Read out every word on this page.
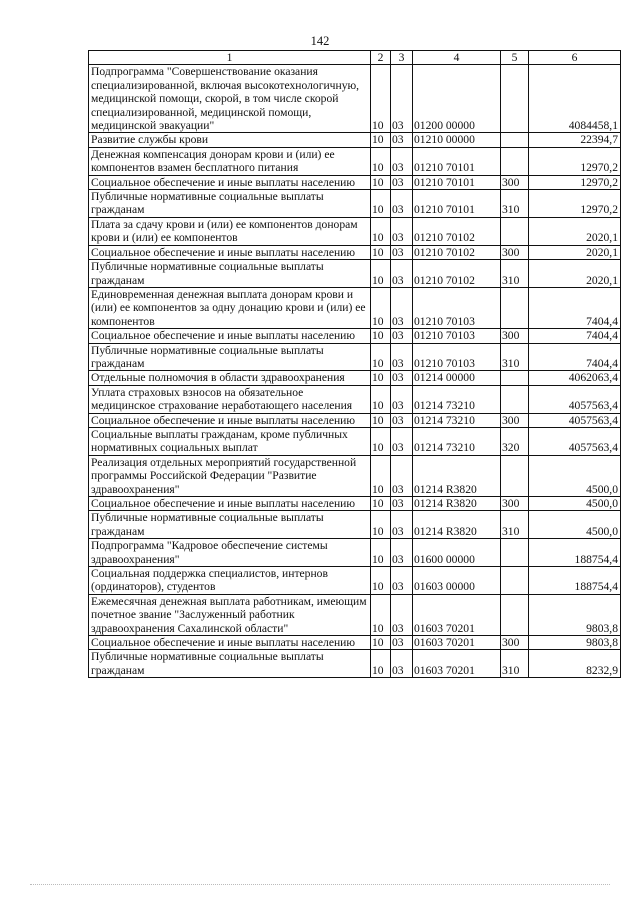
142
1	2	3	4	5	6
Подпрограмма "Совершенствование оказания специализированной, включая высокотехнологичную, медицинской помощи, скорой, в том числе скорой специализированной, медицинской помощи, медицинской эвакуации"	10	03	01200 00000		4084458,1
Развитие службы крови	10	03	01210 00000		22394,7
Денежная компенсация донорам крови и (или) ее компонентов взамен бесплатного питания	10	03	01210 70101		12970,2
Социальное обеспечение и иные выплаты населению	10	03	01210 70101	300	12970,2
Публичные нормативные социальные выплаты гражданам	10	03	01210 70101	310	12970,2
Плата за сдачу крови и (или) ее компонентов донорам крови и (или) ее компонентов	10	03	01210 70102		2020,1
Социальное обеспечение и иные выплаты населению	10	03	01210 70102	300	2020,1
Публичные нормативные социальные выплаты гражданам	10	03	01210 70102	310	2020,1
Единовременная денежная выплата донорам крови и (или) ее компонентов за одну донацию крови и (или) ее компонентов	10	03	01210 70103		7404,4
Социальное обеспечение и иные выплаты населению	10	03	01210 70103	300	7404,4
Публичные нормативные социальные выплаты гражданам	10	03	01210 70103	310	7404,4
Отдельные полномочия в области здравоохранения	10	03	01214 00000		4062063,4
Уплата страховых взносов на обязательное медицинское страхование неработающего населения	10	03	01214 73210		4057563,4
Социальное обеспечение и иные выплаты населению	10	03	01214 73210	300	4057563,4
Социальные выплаты гражданам, кроме публичных нормативных социальных выплат	10	03	01214 73210	320	4057563,4
Реализация отдельных мероприятий государственной программы Российской Федерации "Развитие здравоохранения"	10	03	01214 R3820		4500,0
Социальное обеспечение и иные выплаты населению	10	03	01214 R3820	300	4500,0
Публичные нормативные социальные выплаты гражданам	10	03	01214 R3820	310	4500,0
Подпрограмма "Кадровое обеспечение системы здравоохранения"	10	03	01600 00000		188754,4
Социальная поддержка специалистов, интернов (ординаторов), студентов	10	03	01603 00000		188754,4
Ежемесячная денежная выплата работникам, имеющим почетное звание "Заслуженный работник здравоохранения Сахалинской области"	10	03	01603 70201		9803,8
Социальное обеспечение и иные выплаты населению	10	03	01603 70201	300	9803,8
Публичные нормативные социальные выплаты гражданам	10	03	01603 70201	310	8232,9
